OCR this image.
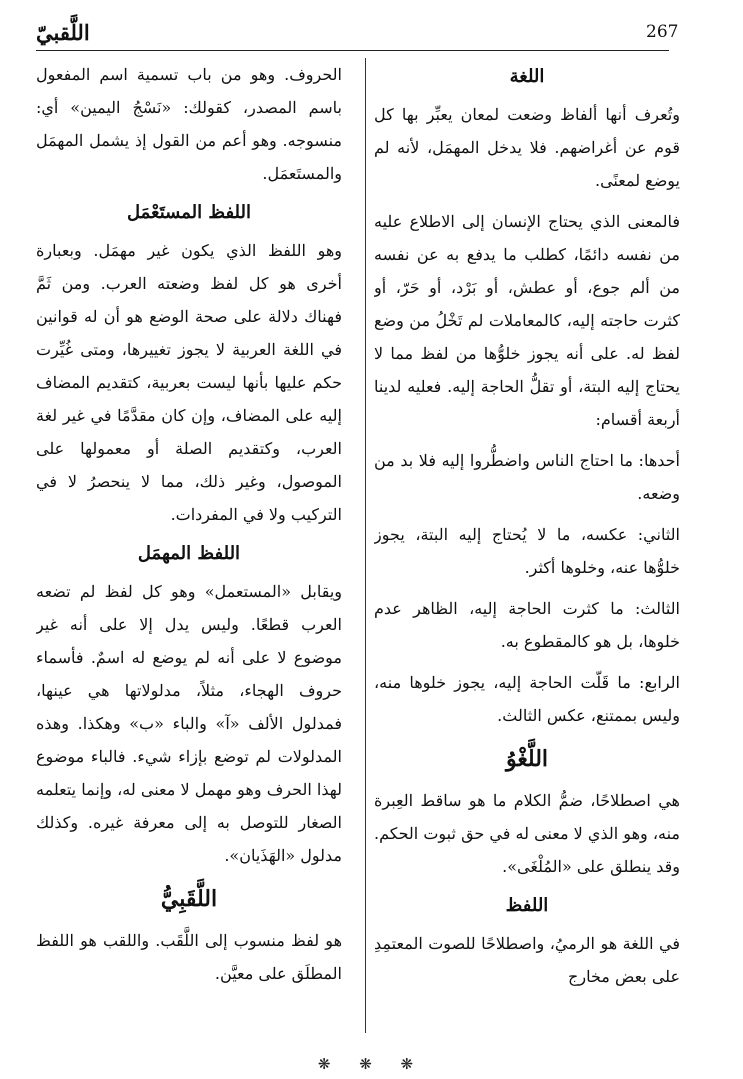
267
اللَّقبيّ
اللغة

وتُعرف أنها ألفاظ وضعت لمعان يعبِّر بها كل قوم عن أغراضهم. فلا يدخل المهمَل، لأنه لم يوضع لمعنًى.

فالمعنى الذي يحتاج الإنسان إلى الاطلاع عليه من نفسه دائمًا، كطلب ما يدفع به عن نفسه من ألم جوع، أو عطش، أو بَرْد، أو حَرّ، أو كثرت حاجته إليه، كالمعاملات لم تَخْلُ من وضع لفظ له. على أنه يجوز خلوُّها من لفظ مما لا يحتاج إليه البتة، أو تقلُّ الحاجة إليه. فعليه لدينا أربعة أقسام:

أحدها: ما احتاج الناس واضطُّروا إليه فلا بد من وضعه.

الثاني: عكسه، ما لا يُحتاج إليه البتة، يجوز خلوُّها عنه، وخلوها أكثر.

الثالث: ما كثرت الحاجة إليه، الظاهر عدم خلوها، بل هو كالمقطوع به.

الرابع: ما قَلّت الحاجة إليه، يجوز خلوها منه، وليس بممتنع، عكس الثالث.

اللَّغْوُ

هي اصطلاحًا، ضمُّ الكلام ما هو ساقط العِبرة منه، وهو الذي لا معنى له في حق ثبوت الحكم. وقد ينطلق على «المُلْغَى».

اللفظ

في اللغة هو الرميُ، واصطلاحًا للصوت المعتمِدِ على بعض مخارج

الحروف. وهو من باب تسمية اسم المفعول باسم المصدر، كقولك: «نَسْجُ اليمين» أي: منسوجه. وهو أعم من القول إذ يشمل المهمَل والمستَعمَل.

اللفظ المستَعْمَل

وهو اللفظ الذي يكون غير مهمَل. وبعبارة أخرى هو كل لفظ وضعته العرب. ومن ثَمَّ فهناك دلالة على صحة الوضع هو أن له قوانين في اللغة العربية لا يجوز تغييرها، ومتى غُيِّرت حكم عليها بأنها ليست بعربية، كتقديم المضاف إليه على المضاف، وإن كان مقدَّمًا في غير لغة العرب، وكتقديم الصلة أو معمولها على الموصول، وغير ذلك، مما لا ينحصرُ لا في التركيب ولا في المفردات.

اللفظ المهمَل

ويقابل «المستعمل» وهو كل لفظ لم تضعه العرب قطعًا. وليس يدل إلا على أنه غير موضوع لا على أنه لم يوضع له اسمٌ. فأسماء حروف الهجاء، مثلاً، مدلولاتها هي عينها، فمدلول الألف «آ» والباء «ب» وهكذا. وهذه المدلولات لم توضع بإزاء شيء. فالباء موضوع لهذا الحرف وهو مهمل لا معنى له، وإنما يتعلمه الصغار للتوصل به إلى معرفة غيره. وكذلك مدلول «الهَذَيان».

اللَّقَبِيُّ

هو لفظ منسوب إلى اللَّقَب. واللقب هو اللفظ المطلَق على معيَّن.

❋ ❋ ❋
